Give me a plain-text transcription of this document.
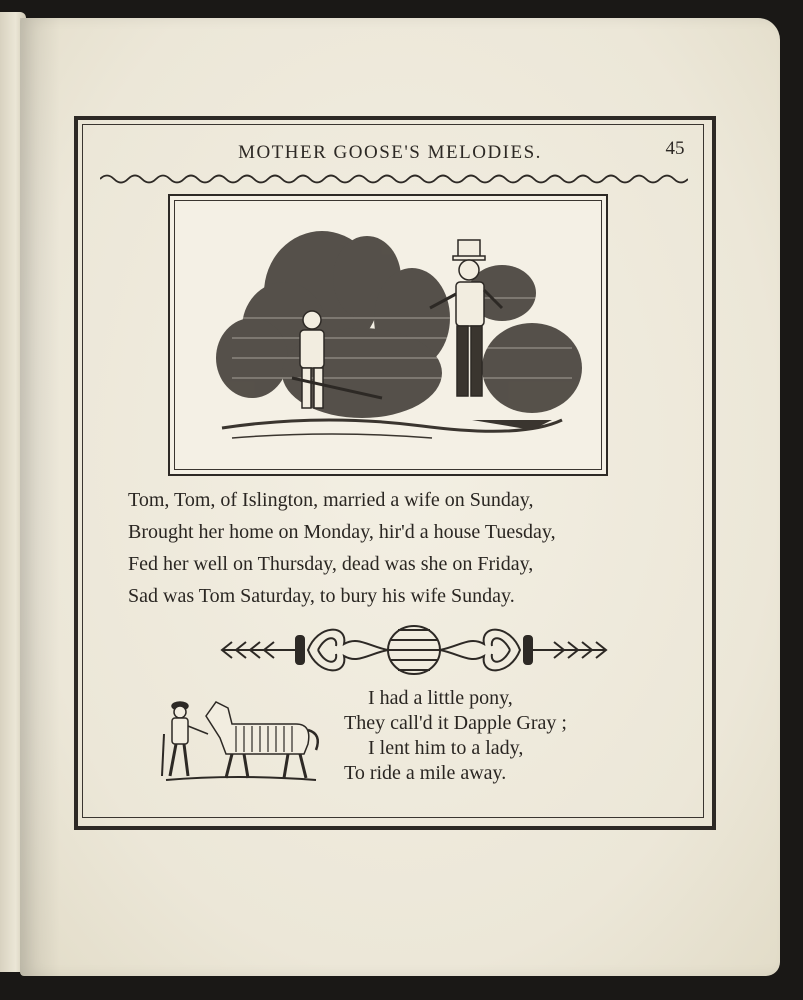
MOTHER GOOSE'S MELODIES.	45
Tom, Tom, of Islington, married a wife on Sunday,
Brought her home on Monday, hir'd a house Tuesday,
Fed her well on Thursday, dead was she on Friday,
Sad was Tom Saturday, to bury his wife Sunday.
I had a little pony,
They call'd it Dapple Gray ;
I lent him to a lady,
To ride a mile away.
